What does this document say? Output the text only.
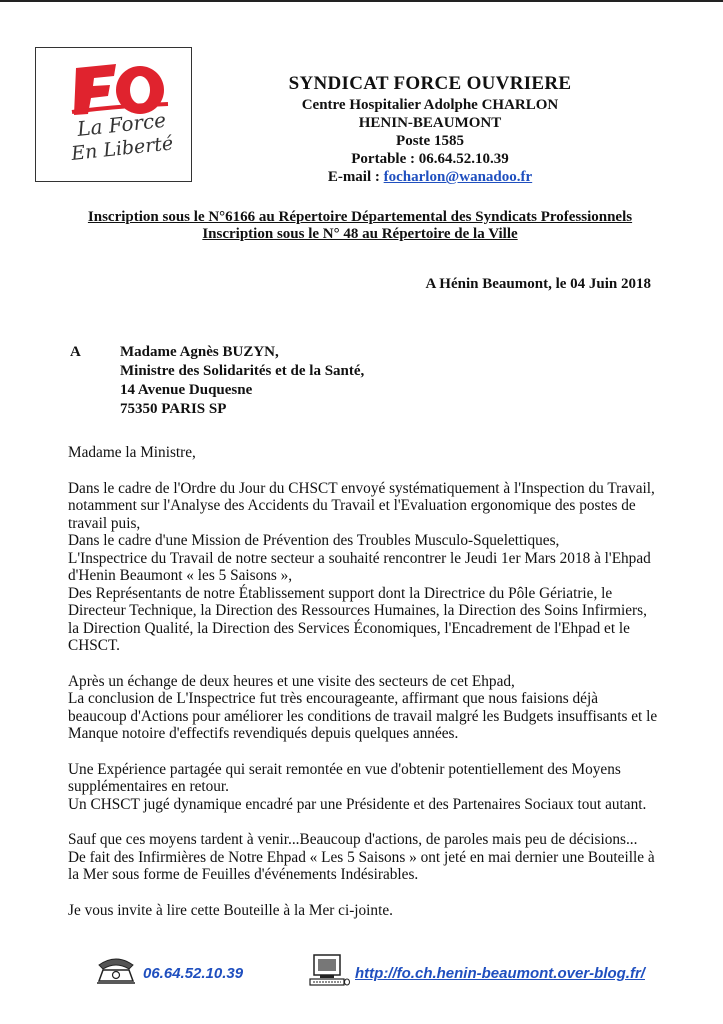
La Force
En Liberté
SYNDICAT FORCE OUVRIERE
Centre Hospitalier Adolphe CHARLON
HENIN-BEAUMONT
Poste 1585
Portable : 06.64.52.10.39
E-mail : focharlon@wanadoo.fr
Inscription sous le N°6166 au Répertoire Départemental des Syndicats Professionnels
Inscription sous le N° 48 au Répertoire de la Ville
A Hénin Beaumont, le 04 Juin 2018
A	Madame Agnès BUZYN,
Ministre des Solidarités et de la Santé,
14 Avenue Duquesne
75350 PARIS SP

Madame la Ministre,

Dans le cadre de l'Ordre du Jour du CHSCT envoyé systématiquement à l'Inspection du Travail, notamment sur l'Analyse des Accidents du Travail et l'Evaluation ergonomique des postes de travail puis,
Dans le cadre d'une Mission de Prévention des Troubles Musculo-Squelettiques,
L'Inspectrice du Travail de notre secteur a souhaité rencontrer le Jeudi 1er Mars 2018 à l'Ehpad d'Henin Beaumont « les 5 Saisons »,
Des Représentants de notre Établissement support dont la Directrice du Pôle Gériatrie, le Directeur Technique, la Direction des Ressources Humaines, la Direction des Soins Infirmiers, la Direction Qualité, la Direction des Services Économiques, l'Encadrement de l'Ehpad et le CHSCT.

Après un échange de deux heures et une visite des secteurs de cet Ehpad,
La conclusion de L'Inspectrice fut très encourageante, affirmant que nous faisions déjà beaucoup d'Actions pour améliorer les conditions de travail malgré les Budgets insuffisants et le Manque notoire d'effectifs revendiqués depuis quelques années.

Une Expérience partagée qui serait remontée en vue d'obtenir potentiellement des Moyens supplémentaires en retour.
Un CHSCT jugé dynamique encadré par une Présidente et des Partenaires Sociaux tout autant.

Sauf que ces moyens tardent à venir...Beaucoup d'actions, de paroles mais peu de décisions...
De fait des Infirmières de Notre Ehpad « Les 5 Saisons » ont jeté en mai dernier une Bouteille à la Mer sous forme de Feuilles d'événements Indésirables.

Je vous invite à lire cette Bouteille à la Mer ci-jointe.

06.64.52.10.39	http://fo.ch.henin-beaumont.over-blog.fr/
